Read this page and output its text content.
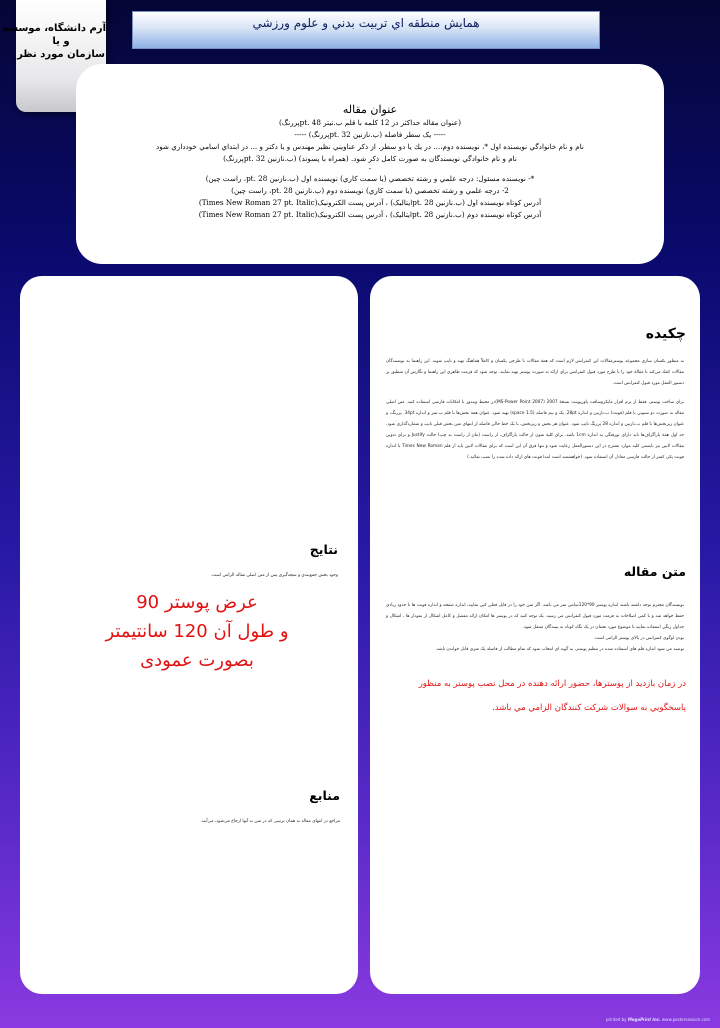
آرم دانشگاه، موسسه
و یا
سازمان مورد نظر
همايش منطقه اي تربيت بدني و علوم ورزشي
عنوان مقاله
(عنوان مقاله حداکثر در 12 کلمه با قلم ب.تیتر 48 .ptپررنگ)
----- یک سطر فاصله (ب.نازنین 32 .ptپررنگ) -----
نام و نام خانوادگي نويسنده اول *، نويسنده دوم،... در يك يا دو سطر. از ذكر عناويني نظير مهندس و يا دكتر و ... در ابتداي اسامي خودداري شود
نام و نام خانوادگي نويسندگان به صورت كامل ذكر شود. (همراه با پسوند) (ب.نازنین 32 .ptپررنگ)
-
*- نويسنده مسئول: درجه علمي و رشته تخصصي (يا سمت كاري) نويسنده اول (ب.نازنين 28 .pt، راست چين)
2- درجه علمي و رشته تخصصي (يا سمت كاري) نويسنده دوم (ب.نازنين 28 .pt، راست چين)
آدرس کوتاه نویسنده اول (ب.نازنین 28 .ptایتالیک) ، آدرس پست الکترونیک(Times New Roman 27 pt. Italic)
آدرس کوتاه نویسنده دوم (ب.نازنین 28 .ptایتالیک) ، آدرس پست الکترونیک(Times New Roman 27 pt. Italic)
نتايج
وجود بخش جمع‌بندي و نتيجه‌گيري پس از متن اصلي مقاله الزامي است.
عرض پوستر 90
و طول آن 120 سانتيمتر
بصورت عمودی
منابع
مراجع در انتهای مقاله به همان ترتیبی که در متن به آنها ارجاع می‌شود، می‌آیند.
چكيده

به منظور يكسان سازي مجموعه پوسترمقالات اين كنفرانس لازم است كه همة مقالات با طرحي يكسان و كاملاً هماهنگ تهيه و تايپ شوند. اين راهنما به نويسندگان مقالات كمك مي‌كند تا مقالة خود را با طرح مورد قبول كنفرانس براي ارائه به صورت پوستر تهيه نمايند. توجه شود كه فرمت ظاهري اين راهنما و نگارش آن منطبق بر دستور العمل مورد قبول كنفرانس است.

براي ساخت پوستر، فقط از نرم افزار مايکروسافت پاورپوينت نسخة 2007 (MS-Power Point 2007)در محيط ويندوز با امکانات فارسي استفاده كنيد. متن اصلي مقاله به صورت دو ستوني با قلم (فونت) ب.نازنين و اندازة 28pt. يک و نيم فاصله (1.5 space) تهيه شود. عنوان همة بخش‌ها با قلم ب.تيتر و اندازه 34pt. پررنگ، و عنوان زيربخش‌ها با قلم ب.نازنين و اندازه 28 پررنگ تايپ شود. عنوان هر بخش و زيربخش، با يک خط خالي فاصله از انتهاي متن بخش قبلي تايپ و شماره‌گذاري شود. حد اول همة پاراگراف‌ها بايد داراي تورفتگي به اندازة 1cm باشد. براي كلية متون از حالت پاراگراف، از راست (مان از راست به چپ) حالت Justify و براي تدوين مقالات لاتين نيز بايستي كليه موارد مشرح در اين دستورالعمل رعايت شود و تنها فرق آن اين است كه براي مقالات لاتين بايد از قلم Times New Roman با اندازه فونت پکی کمتر از حالت فارسي معادل آن استفاده شود. (خواهشمند است ابتدا فونت هاي ارائه داده شده را نصب نمائيد.)

متن مقاله

نويسندگان محترم توجه داشته باشند اندازه پوستر 90*120سانتي متر مي باشد. اگر متن خود را در فايل فعلي كپي نماييد، اندازه صفحه و اندازه فونت ها با حدود زيادي حفظ خواهد شد و با کمي اصلاحات به فرمت مورد قبول كنفرانس مي رسيد. يک توجه کنيد که در پوستر ها امکان ارائه مفصل و كامل اشكال از نمودار ها ، اشكال و جداول رنگي استفاده نماييد تا موضوع مورد بحثتان در يک نگاه کوتاه به بينندگان منتقل شود.

بودن لوگوی کنفرانس در بالای پوستر الزامی است.

توصيه مي شود اندازه قلم هاي استفاده شده در تنظيم پوستر، به گونه اي انتخاب شود كه تمام مطالب از فاصله يک متري قابل خواندن باشد.

در زمان بازديد از پوسترها، حضور ارائه دهنده در محل نصب پوستر به منظور پاسخگويي به سوالات شركت كنندگان الزامي مي باشد.
printed by MegaPrint Inc. www.postersession.com
